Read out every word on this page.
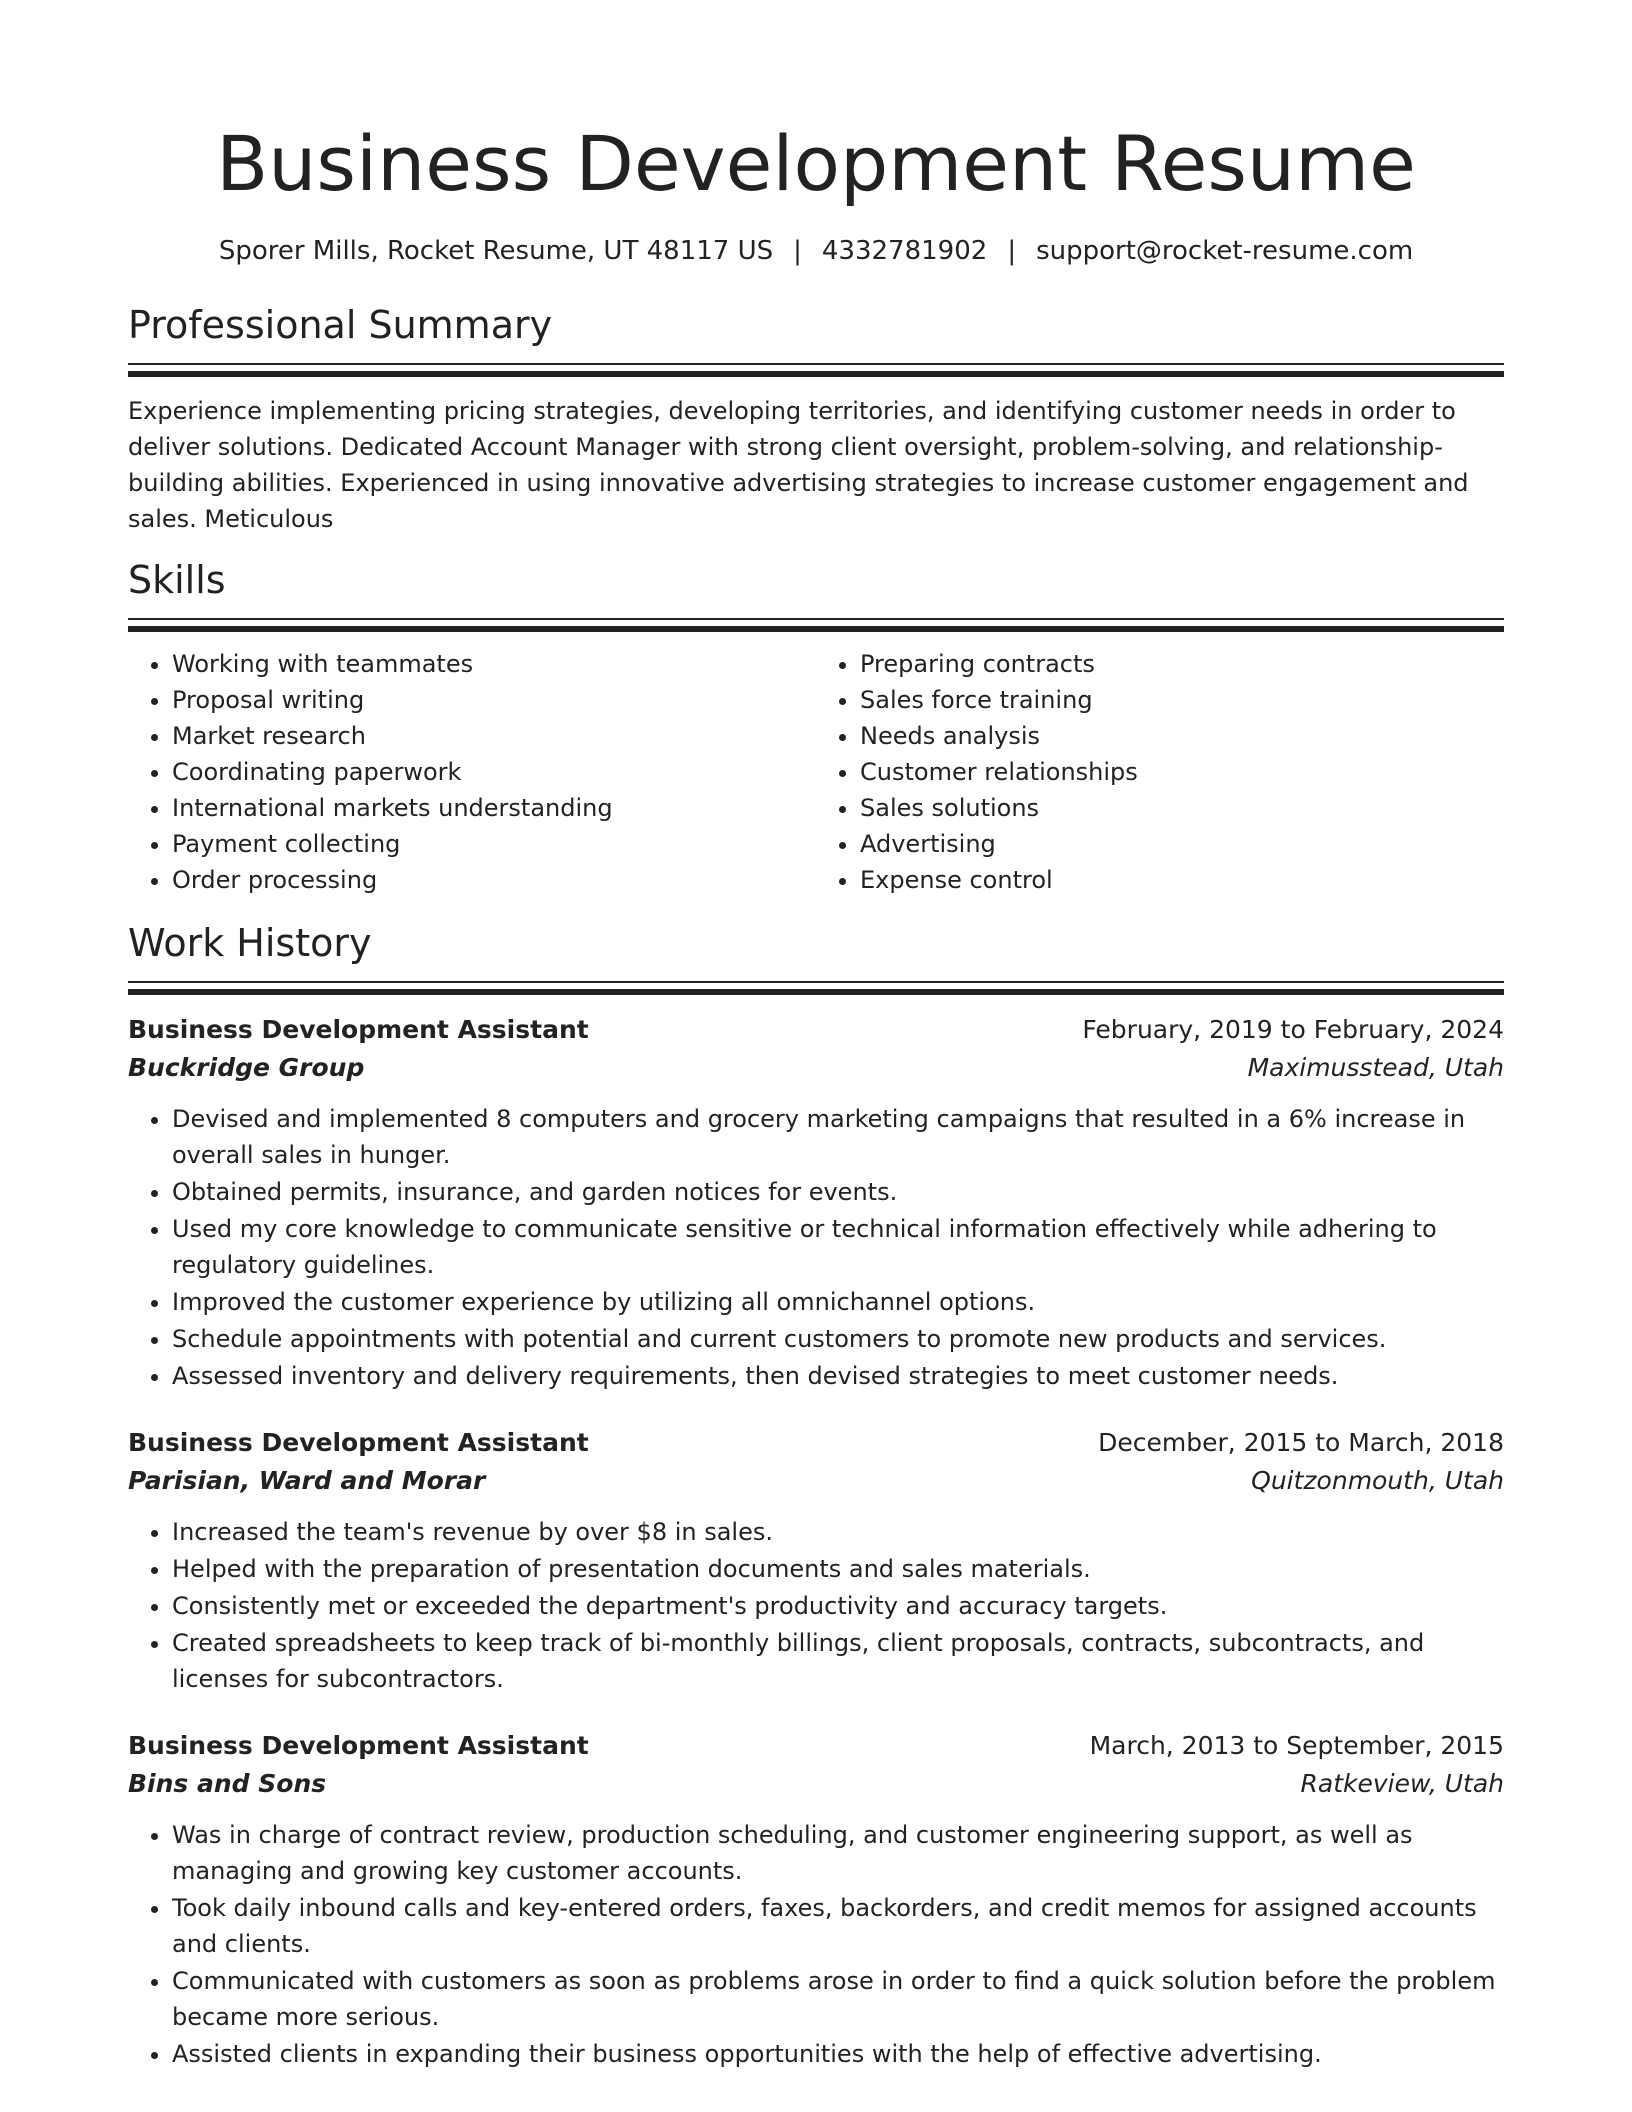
Business Development Resume
Sporer Mills, Rocket Resume, UT 48117 US | 4332781902 | support@rocket-resume.com
Professional Summary

Experience implementing pricing strategies, developing territories, and identifying customer needs in order to deliver solutions. Dedicated Account Manager with strong client oversight, problem-solving, and relationship-building abilities. Experienced in using innovative advertising strategies to increase customer engagement and sales. Meticulous

Skills
• Working with teammates
• Proposal writing
• Market research
• Coordinating paperwork
• International markets understanding
• Payment collecting
• Order processing
• Preparing contracts
• Sales force training
• Needs analysis
• Customer relationships
• Sales solutions
• Advertising
• Expense control
Work History
Business Development Assistant	February, 2019 to February, 2024
Buckridge Group	Maximusstead, Utah
• Devised and implemented 8 computers and grocery marketing campaigns that resulted in a 6% increase in overall sales in hunger.
• Obtained permits, insurance, and garden notices for events.
• Used my core knowledge to communicate sensitive or technical information effectively while adhering to regulatory guidelines.
• Improved the customer experience by utilizing all omnichannel options.
• Schedule appointments with potential and current customers to promote new products and services.
• Assessed inventory and delivery requirements, then devised strategies to meet customer needs.
Business Development Assistant	December, 2015 to March, 2018
Parisian, Ward and Morar	Quitzonmouth, Utah
• Increased the team's revenue by over $8 in sales.
• Helped with the preparation of presentation documents and sales materials.
• Consistently met or exceeded the department's productivity and accuracy targets.
• Created spreadsheets to keep track of bi-monthly billings, client proposals, contracts, subcontracts, and licenses for subcontractors.
Business Development Assistant	March, 2013 to September, 2015
Bins and Sons	Ratkeview, Utah
• Was in charge of contract review, production scheduling, and customer engineering support, as well as managing and growing key customer accounts.
• Took daily inbound calls and key-entered orders, faxes, backorders, and credit memos for assigned accounts and clients.
• Communicated with customers as soon as problems arose in order to find a quick solution before the problem became more serious.
• Assisted clients in expanding their business opportunities with the help of effective advertising.
